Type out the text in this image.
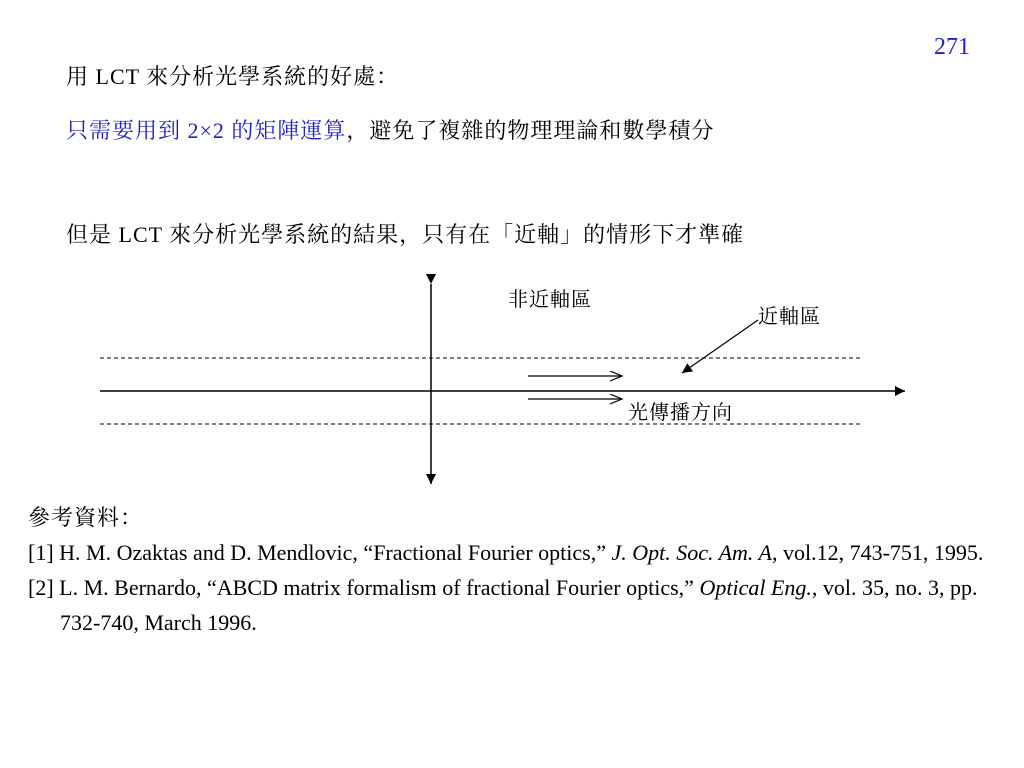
271
用 LCT 來分析光學系統的好處：
只需要用到 2×2 的矩陣運算，避免了複雜的物理理論和數學積分
但是 LCT 來分析光學系統的結果，只有在「近軸」的情形下才準確
非近軸區
近軸區
光傳播方向
參考資料：
[1] H. M. Ozaktas and D. Mendlovic, “Fractional Fourier optics,” J. Opt. Soc. Am. A, vol.12, 743-751, 1995.
[2] L. M. Bernardo, “ABCD matrix formalism of fractional Fourier optics,” Optical Eng., vol. 35, no. 3, pp. 732-740, March 1996.
